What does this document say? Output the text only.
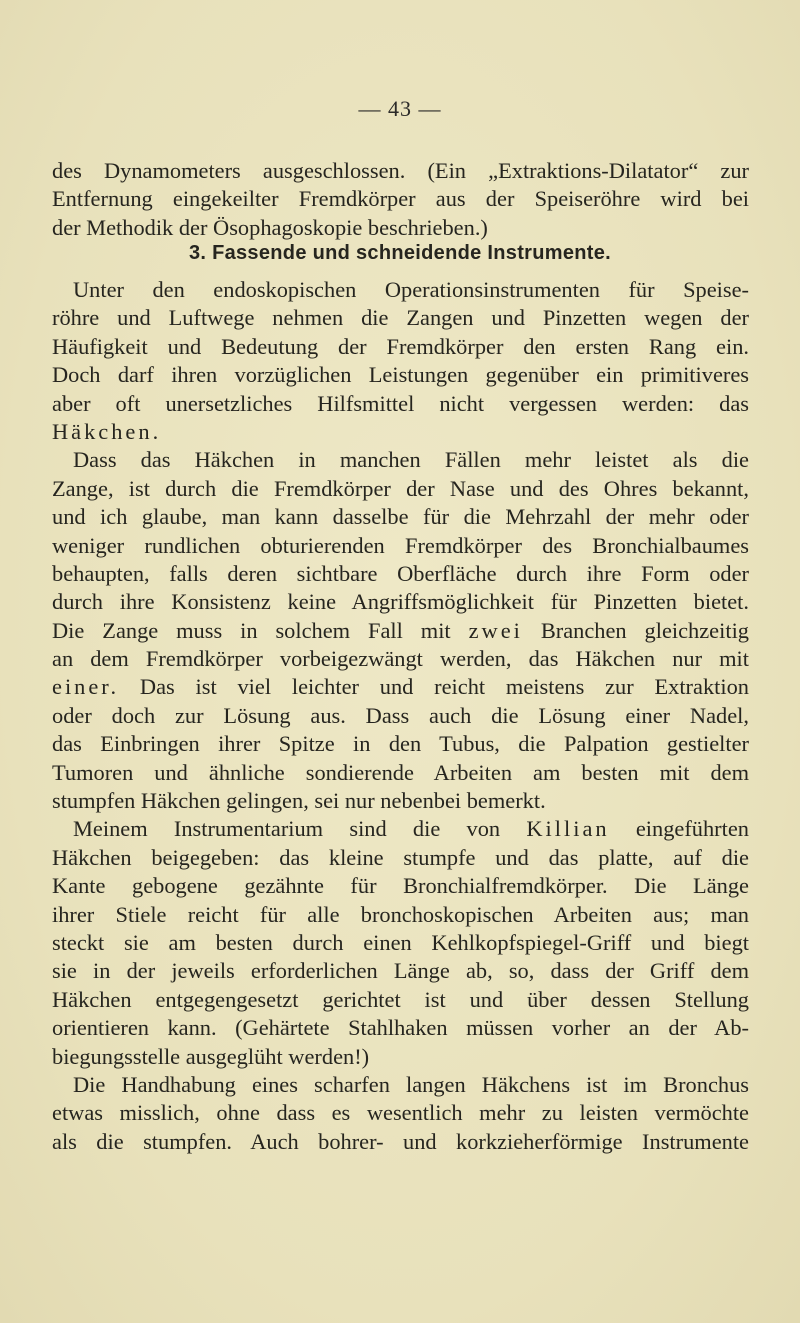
— 43 —
des Dynamometers ausgeschlossen. (Ein „Extraktions-Dilatator“ zur
Entfernung eingekeilter Fremdkörper aus der Speiseröhre wird bei
der Methodik der Ösophagoskopie beschrieben.)
3. Fassende und schneidende Instrumente.
Unter den endoskopischen Operationsinstrumenten für Speise-
röhre und Luftwege nehmen die Zangen und Pinzetten wegen der
Häufigkeit und Bedeutung der Fremdkörper den ersten Rang ein.
Doch darf ihren vorzüglichen Leistungen gegenüber ein primitiveres
aber oft unersetzliches Hilfsmittel nicht vergessen werden: das
Häkchen.
Dass das Häkchen in manchen Fällen mehr leistet als die
Zange, ist durch die Fremdkörper der Nase und des Ohres bekannt,
und ich glaube, man kann dasselbe für die Mehrzahl der mehr oder
weniger rundlichen obturierenden Fremdkörper des Bronchialbaumes
behaupten, falls deren sichtbare Oberfläche durch ihre Form oder
durch ihre Konsistenz keine Angriffsmöglichkeit für Pinzetten bietet.
Die Zange muss in solchem Fall mit zwei Branchen gleichzeitig
an dem Fremdkörper vorbeigezwängt werden, das Häkchen nur mit
einer. Das ist viel leichter und reicht meistens zur Extraktion
oder doch zur Lösung aus. Dass auch die Lösung einer Nadel,
das Einbringen ihrer Spitze in den Tubus, die Palpation gestielter
Tumoren und ähnliche sondierende Arbeiten am besten mit dem
stumpfen Häkchen gelingen, sei nur nebenbei bemerkt.
Meinem Instrumentarium sind die von Killian eingeführten
Häkchen beigegeben: das kleine stumpfe und das platte, auf die
Kante gebogene gezähnte für Bronchialfremdkörper. Die Länge
ihrer Stiele reicht für alle bronchoskopischen Arbeiten aus; man
steckt sie am besten durch einen Kehlkopfspiegel-Griff und biegt
sie in der jeweils erforderlichen Länge ab, so, dass der Griff dem
Häkchen entgegengesetzt gerichtet ist und über dessen Stellung
orientieren kann. (Gehärtete Stahlhaken müssen vorher an der Ab-
biegungsstelle ausgeglüht werden!)
Die Handhabung eines scharfen langen Häkchens ist im Bronchus
etwas misslich, ohne dass es wesentlich mehr zu leisten vermöchte
als die stumpfen. Auch bohrer- und korkzieherförmige Instrumente
